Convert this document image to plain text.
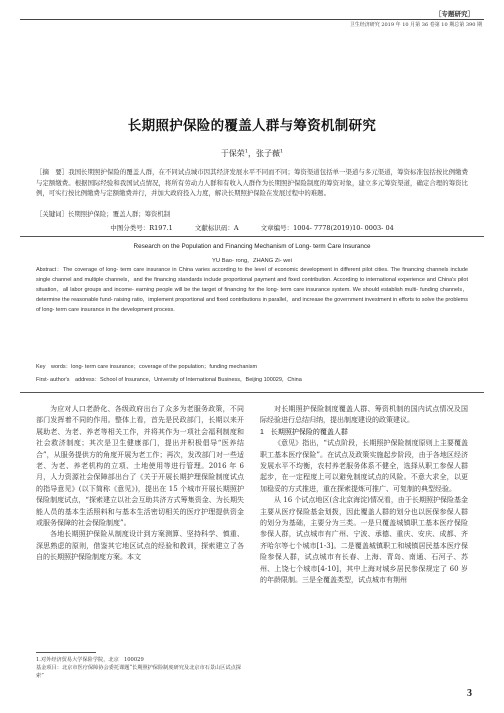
［专题研究］
卫生经济研究 2019 年 10 月第 36 卷第 10 期总第 390 期
长期照护保险的覆盖人群与筹资机制研究
于保荣$^1$，张子薇$^1$
［摘　要］我国长期照护保险的覆盖人群，在不同试点城市因其经济发展水平不同而不同；筹资渠道包括单一渠道与多元渠道，筹资标准包括按比例缴费与定额缴费。根据国际经验和我国试点情况，将所有劳动力人群和有收入人群作为长期照护保险制度的筹资对象，建立多元筹资渠道，确定合理的筹资比例，可实行按比例缴费与定额缴费并行，并加大政府投入力度，解决长期照护保险在发展过程中的难题。
［关键词］长期照护保险；覆盖人群；筹资机制
中图分类号：R197.1	文献标识码：A	文章编号：1004- 7778(2019)10- 0003- 04
Research on the Population and Financing Mechanism of Long- term Care Insurance
YU Bao- rong，ZHANG Zi- wei
Abstract：The coverage of long- term care insurance in China varies according to the level of economic development in different pilot cities. The financing channels include single channel and multiple channels，and the financing standards include proportional payment and fixed contribution. According to international experience and China's pilot situation，all labor groups and income- earning people will be the target of financing for the long- term care insurance system. We should establish multi- funding channels，determine the reasonable fund- raising ratio，implement proportional and fixed contributions in parallel，and increase the government investment in efforts to solve the problems of long- term care insurance in the development process.
Key　words：long- term care insurance；coverage of the population；funding mechanism
First- author's　address：School of Insurance，University of International Business，Beijing 100029，China

为应对人口老龄化、各级政府出台了众多为老服务政策，不同部门发挥着不同的作用。整体上看，首先是民政部门，长期以来开展助老、为老、养老等相关工作，并将其作为一项社会福利制度和社会救济制度；其次是卫生健康部门，提出并积极倡导“医养结合”，从服务提供方的角度开展为老工作；再次，发改部门对一些适老、为老、养老机构的立项、土地使用等进行管理。2016 年 6 月，人力资源社会保障部出台了《关于开展长期护理保险制度试点的指导意见》(以下简称《意见》)，提出在 15 个城市开展长期照护保险制度试点，“探索建立以社会互助共济方式筹集资金、为长期失能人员的基本生活照料和与基本生活密切相关的医疗护理提供资金或服务保障的社会保险制度”。

各地长期照护保险从制度设计到方案测算、坚持科学、慎重、深思熟虑的原则，借鉴其它地区试点的经验和教训，探索建立了各自的长期照护保险制度方案。本文

对长期照护保险制度覆盖人群、筹资机制的国内试点情况及国际经验进行总结归纳，提出制度建设的政策建议。

1　长期照护保险的覆盖人群

《意见》指出，“试点阶段，长期照护保险制度原则上主要覆盖职工基本医疗保险”。在试点及政策实施起步阶段，由于各地区经济发展水平不均衡，农村养老服务体系不健全，选择从职工参保人群起步，在一定程度上可以避免制度试点的风险。不意大求全，以更加稳妥的方式推进，重在探索提炼可推广、可复制的典型经验。

从 16 个试点地区(含北京海淀)情况看，由于长期照护保险基金主要从医疗保险基金划拨，因此覆盖人群的划分也以医保参保人群的划分为基础，主要分为三类。一是只覆盖城镇职工基本医疗保险参保人群，试点城市有广州、宁波、承德、重庆、安庆、成都、齐齐哈尔等七个城市[1-3]。二是覆盖城镇职工和城镇居民基本医疗保险参保人群，试点城市有长春、上海、青岛、南通、石河子、苏州、上饶七个城市[4-10]，其中上海对城乡居民参保规定了 60 岁的年龄限制。三是全覆盖类型，试点城市有荆州

1.对外经济贸易大学保险学院，北京　100029
基金项目：北京市医疗保障协会委托课题“长期照护保险制度研究及北京市石景山区试点探索”
3
